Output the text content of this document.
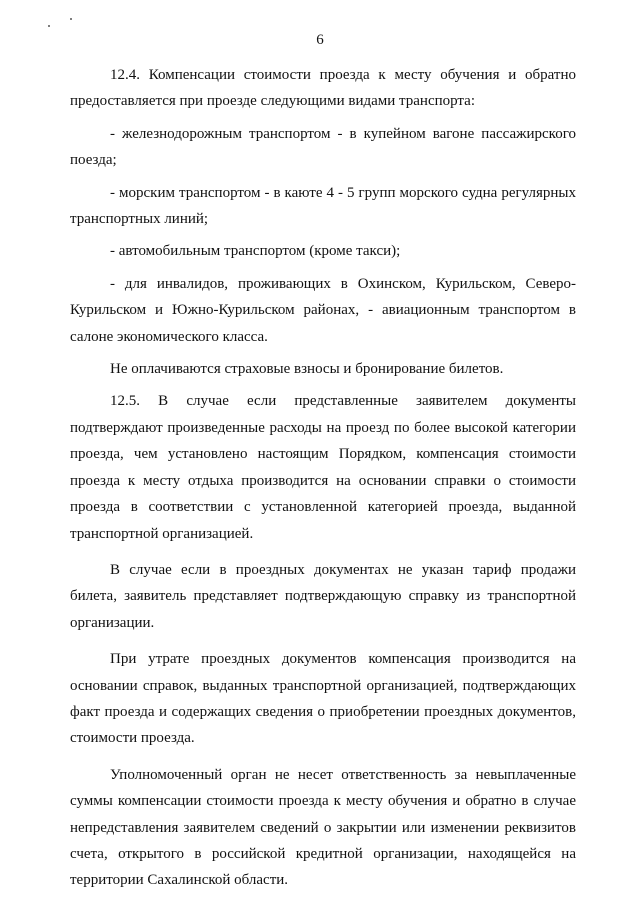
6

12.4. Компенсации стоимости проезда к месту обучения и обратно предоставляется при проезде следующими видами транспорта:

- железнодорожным транспортом - в купейном вагоне пассажирского поезда;

- морским транспортом - в каюте 4 - 5 групп морского судна регулярных транспортных линий;

- автомобильным транспортом (кроме такси);

- для инвалидов, проживающих в Охинском, Курильском, Северо-Курильском и Южно-Курильском районах, - авиационным транспортом в салоне экономического класса.

Не оплачиваются страховые взносы и бронирование билетов.

12.5. В случае если представленные заявителем документы подтверждают произведенные расходы на проезд по более высокой категории проезда, чем установлено настоящим Порядком, компенсация стоимости проезда к месту отдыха производится на основании справки о стоимости проезда в соответствии с установленной категорией проезда, выданной транспортной организацией.

В случае если в проездных документах не указан тариф продажи билета, заявитель представляет подтверждающую справку из транспортной организации.

При утрате проездных документов компенсация производится на основании справок, выданных транспортной организацией, подтверждающих факт проезда и содержащих сведения о приобретении проездных документов, стоимости проезда.

Уполномоченный орган не несет ответственность за невыплаченные суммы компенсации стоимости проезда к месту обучения и обратно в случае непредставления заявителем сведений о закрытии или изменении реквизитов счета, открытого в российской кредитной организации, находящейся на территории Сахалинской области.
